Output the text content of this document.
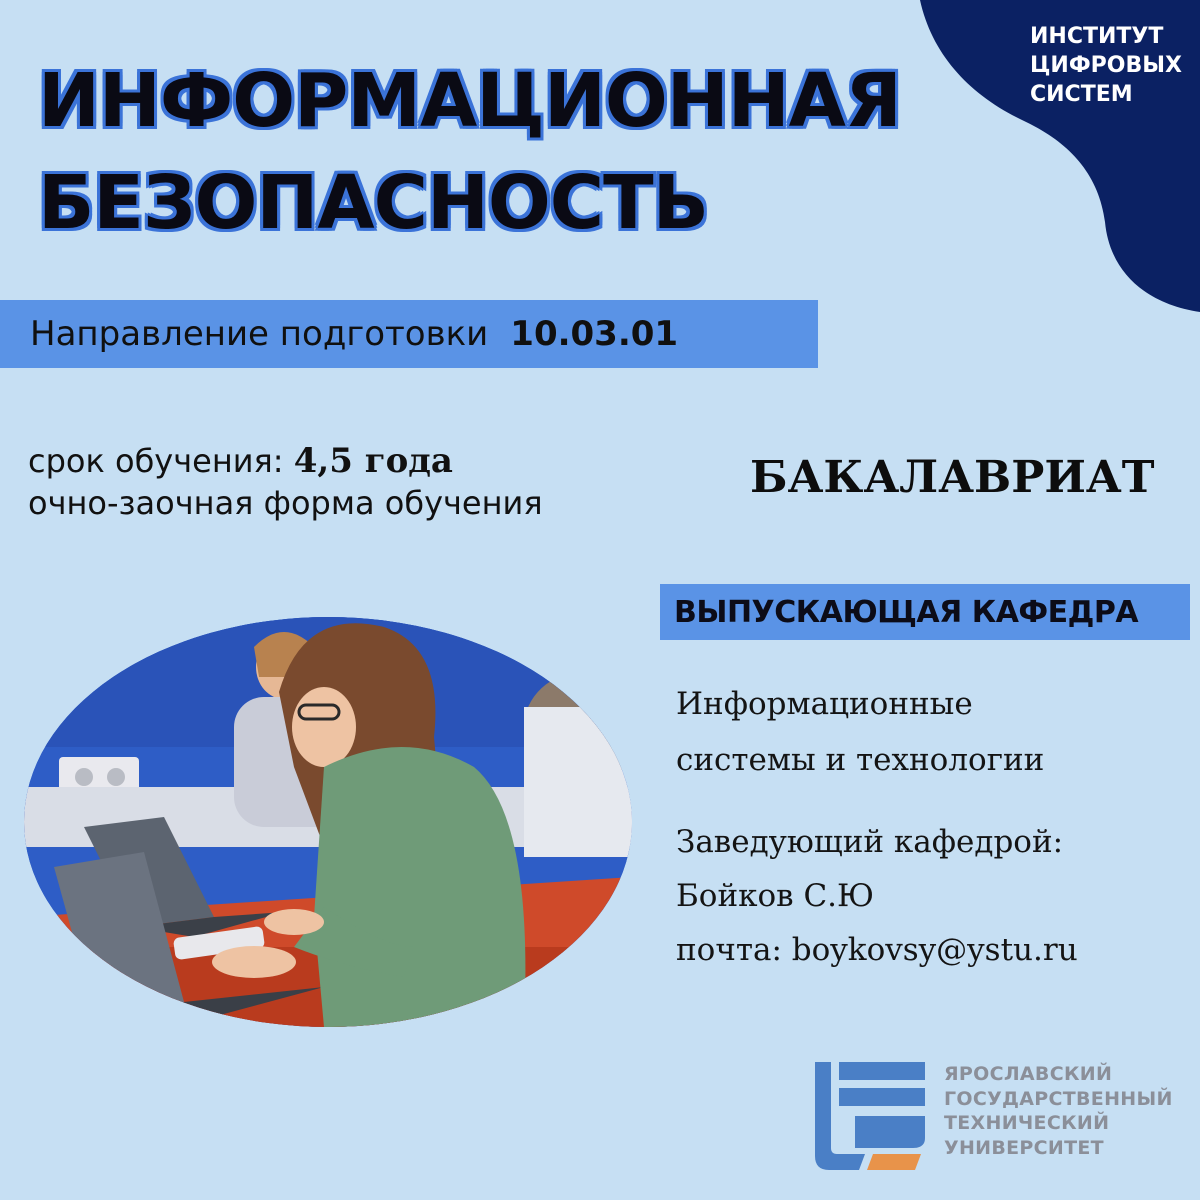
ИНСТИТУТ
ЦИФРОВЫХ
СИСТЕМ
ИНФОРМАЦИОННАЯ
БЕЗОПАСНОСТЬ
Направление подготовки 10.03.01
срок обучения: 4,5 года
очно-заочная форма обучения	БАКАЛАВРИАТ
ВЫПУСКАЮЩАЯ КАФЕДРА
Информационные
системы и технологии
Заведующий кафедрой:
Бойков С.Ю
почта: boykovsy@ystu.ru
ЯРОСЛАВСКИЙ
ГОСУДАРСТВЕННЫЙ
ТЕХНИЧЕСКИЙ
УНИВЕРСИТЕТ
